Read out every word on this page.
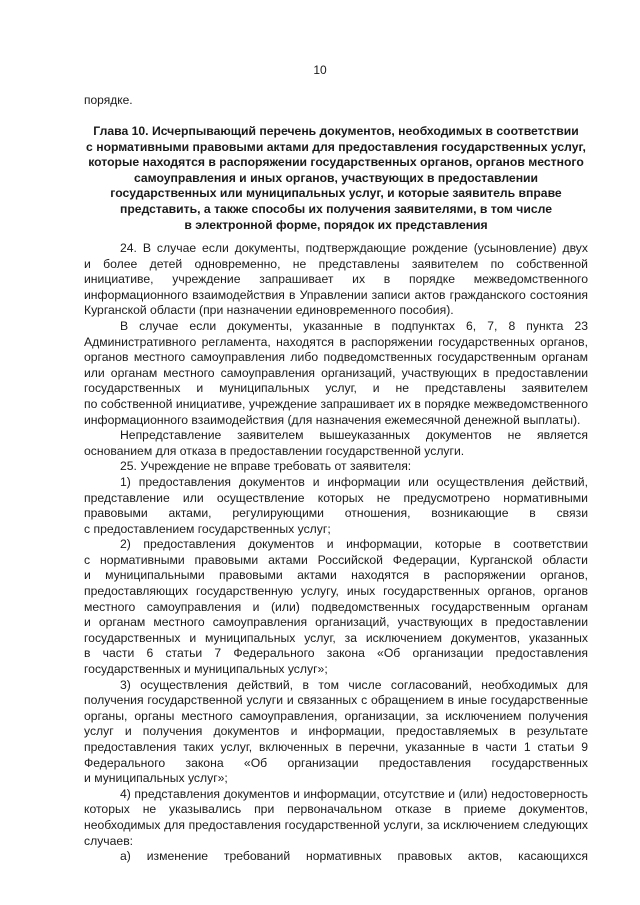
10
порядке.
Глава 10. Исчерпывающий перечень документов, необходимых в соответствии
с нормативными правовыми актами для предоставления государственных услуг,
которые находятся в распоряжении государственных органов, органов местного
самоуправления и иных органов, участвующих в предоставлении
государственных или муниципальных услуг, и которые заявитель вправе
представить, а также способы их получения заявителями, в том числе
в электронной форме, порядок их представления
24. В случае если документы, подтверждающие рождение (усыновление) двух
и более детей одновременно, не представлены заявителем по собственной
инициативе, учреждение запрашивает их в порядке межведомственного
информационного взаимодействия в Управлении записи актов гражданского состояния
Курганской области (при назначении единовременного пособия).
В случае если документы, указанные в подпунктах 6, 7, 8 пункта 23
Административного регламента, находятся в распоряжении государственных органов,
органов местного самоуправления либо подведомственных государственным органам
или органам местного самоуправления организаций, участвующих в предоставлении
государственных и муниципальных услуг, и не представлены заявителем
по собственной инициативе, учреждение запрашивает их в порядке межведомственного
информационного взаимодействия (для назначения ежемесячной денежной выплаты).
Непредставление заявителем вышеуказанных документов не является
основанием для отказа в предоставлении государственной услуги.
25. Учреждение не вправе требовать от заявителя:
1) предоставления документов и информации или осуществления действий,
представление или осуществление которых не предусмотрено нормативными
правовыми актами, регулирующими отношения, возникающие в связи
с предоставлением государственных услуг;
2) предоставления документов и информации, которые в соответствии
с нормативными правовыми актами Российской Федерации, Курганской области
и муниципальными правовыми актами находятся в распоряжении органов,
предоставляющих государственную услугу, иных государственных органов, органов
местного самоуправления и (или) подведомственных государственным органам
и органам местного самоуправления организаций, участвующих в предоставлении
государственных и муниципальных услуг, за исключением документов, указанных
в части 6 статьи 7 Федерального закона «Об организации предоставления
государственных и муниципальных услуг»;
3) осуществления действий, в том числе согласований, необходимых для
получения государственной услуги и связанных с обращением в иные государственные
органы, органы местного самоуправления, организации, за исключением получения
услуг и получения документов и информации, предоставляемых в результате
предоставления таких услуг, включенных в перечни, указанные в части 1 статьи 9
Федерального закона «Об организации предоставления государственных
и муниципальных услуг»;
4) представления документов и информации, отсутствие и (или) недостоверность
которых не указывались при первоначальном отказе в приеме документов,
необходимых для предоставления государственной услуги, за исключением следующих
случаев:
а) изменение требований нормативных правовых актов, касающихся
